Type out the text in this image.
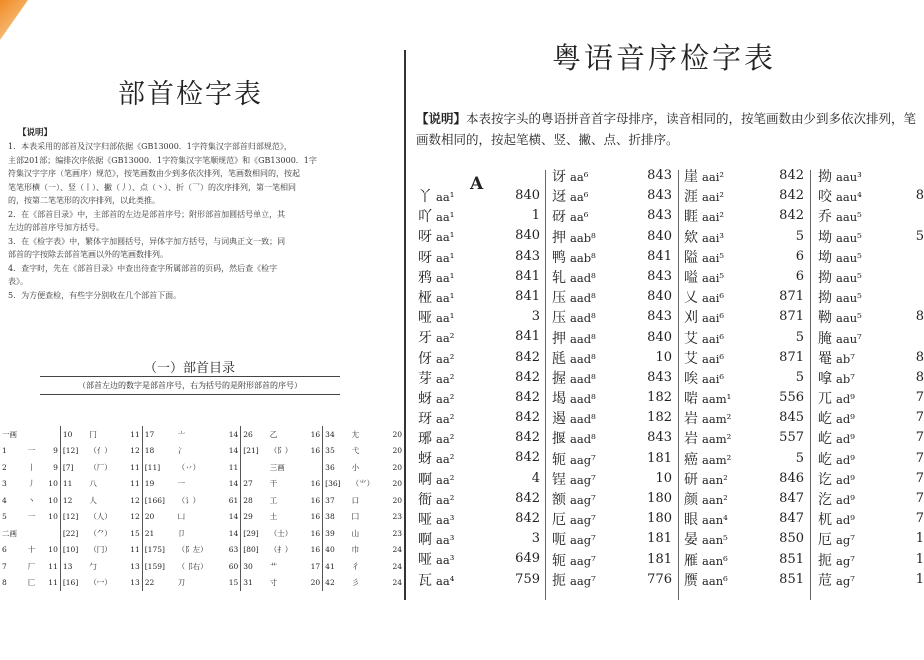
部首检字表
【说明】
1．本表采用的部首及汉字归部依据《GB13000．1字符集汉字部首归部规范》，
主部201部；编排次序依据《GB13000．1字符集汉字笔顺规范》和《GB13000．1字
符集汉字字序（笔画序）规范》，按笔画数由少到多依次排列，笔画数相同的，按起
笔笔形横（一）、竖（丨）、撇（丿）、点（丶）、折（乛）的次序排列，第一笔相同
的，按第二笔笔形的次序排列，以此类推。
2．在《部首目录》中，主部首的左边是部首序号；附形部首加圆括号单立，其
左边的部首序号加方括号。
3．在《检字表》中，繁体字加圆括号，异体字加方括号，与词典正文一致；同
部首的字按除去部首笔画以外的笔画数排列。
4．查字时，先在《部首目录》中查出待查字所属部首的页码，然后查《检字
表》。
5．为方便查检，有些字分别收在几个部首下面。
（一）部首目录
（部首左边的数字是部首序号，右为括号的是附形部首的序号）
一画			10	冂	11	17	亠	14	26	乙	16	34	尢	20
1	一	9	[12]	（亻）	12	18	冫	14	[21]	（阝）	16	35	弋	20
2	丨	9	[7]	（厂）	11	[11]	（丷）	11		三画		36	小	20
3	丿	10	11	八	11	19	一	14	27	干	16	[36]	（⺌）	20
4	丶	10	12	人	12	[166]	（讠）	61	28	工	16	37	口	20
5	一	10	[12]	（人）	12	20	凵	14	29	土	16	38	囗	23
二画			[22]	（⺈）	15	21	卩	14	[29]	（士）	16	39	山	23
6	十	10	[10]	（冂）	11	[175]	（⻖左）	63	[80]	（扌）	16	40	巾	24
7	厂	11	13	勹	13	[159]	（⻏右）	60	30	艹	17	41	彳	24
8	匚	11	[16]	（冖）	13	22	刀	15	31	寸	20	42	彡	24
粤语音序检字表
【说明】本表按字头的粤语拼音首字母排序，读音相同的，按笔画数由少到多依次排列，笔画数相同的，按起笔横、竖、撇、点、折排序。
A
丫 aa¹	840
吖 aa¹	1
呀 aa¹	840
呀 aa¹	843
鸦 aa¹	841
桠 aa¹	841
哑 aa¹	3
牙 aa²	841
伢 aa²	842
芽 aa²	842
蚜 aa²	842
玡 aa²	842
琊 aa²	842
蚜 aa²	842
啊 aa²	4
衙 aa²	842
哑 aa³	842
啊 aa³	3
哑 aa³	649
瓦 aa⁴	759
讶 aa⁶	843
迓 aa⁶	843
砑 aa⁶	843
押 aab⁸	840
鸭 aab⁸	841
轧 aad⁸	843
压 aad⁸	840
压 aad⁸	843
押 aad⁸	840
瓱 aad⁸	10
握 aad⁸	843
堨 aad⁸	182
遏 aad⁸	182
揠 aad⁸	843
轭 aag⁷	181
锃 aag⁷	10
额 aag⁷	180
厄 aag⁷	180
呃 aag⁷	181
轭 aag⁷	181
扼 aag⁷	776
崖 aai²	842
涯 aai²	842
睚 aai²	842
欸 aai³	5
隘 aai⁵	6
嗌 aai⁵	6
乂 aai⁶	871
刈 aai⁶	871
艾 aai⁶	5
艾 aai⁶	871
唉 aai⁶	5
啱 aam¹	556
岩 aam²	845
岩 aam²	557
癌 aam²	5
研 aan²	846
颜 aan²	847
眼 aan⁴	847
晏 aan⁵	850
雁 aan⁶	851
赝 aan⁶	851
拗 aau³
咬 aau⁴	8
乔 aau⁵
坳 aau⁵	5
坳 aau⁵
拗 aau⁵
拗 aau⁵
靿 aau⁵	8
腌 aau⁷
罨 ab⁷	8
嗱 ab⁷	8
兀 ad⁹	7
屹 ad⁹	7
屹 ad⁹	7
屹 ad⁹	7
讫 ad⁹	7
汔 ad⁹	7
杌 ad⁹	7
厄 ag⁷	1
扼 ag⁷	1
苊 ag⁷	1
